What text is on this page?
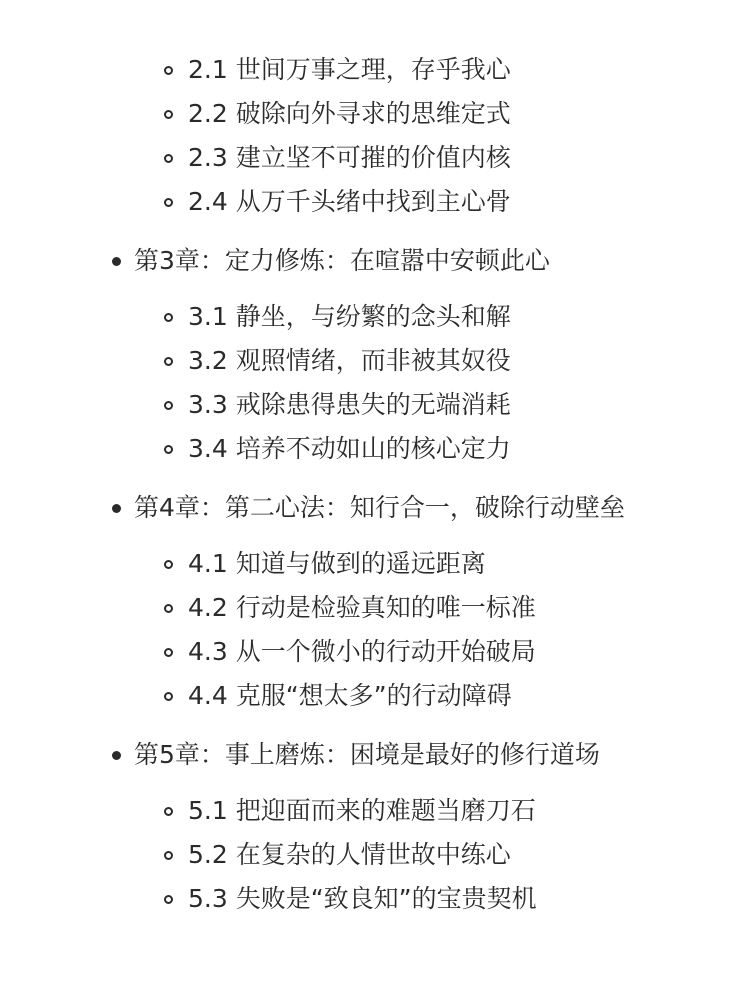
2.1 世间万事之理，存乎我心
2.2 破除向外寻求的思维定式
2.3 建立坚不可摧的价值内核
2.4 从万千头绪中找到主心骨
第3章：定力修炼：在喧嚣中安顿此心
3.1 静坐，与纷繁的念头和解
3.2 观照情绪，而非被其奴役
3.3 戒除患得患失的无端消耗
3.4 培养不动如山的核心定力
第4章：第二心法：知行合一，破除行动壁垒
4.1 知道与做到的遥远距离
4.2 行动是检验真知的唯一标准
4.3 从一个微小的行动开始破局
4.4 克服“想太多”的行动障碍
第5章：事上磨炼：困境是最好的修行道场
5.1 把迎面而来的难题当磨刀石
5.2 在复杂的人情世故中练心
5.3 失败是“致良知”的宝贵契机
